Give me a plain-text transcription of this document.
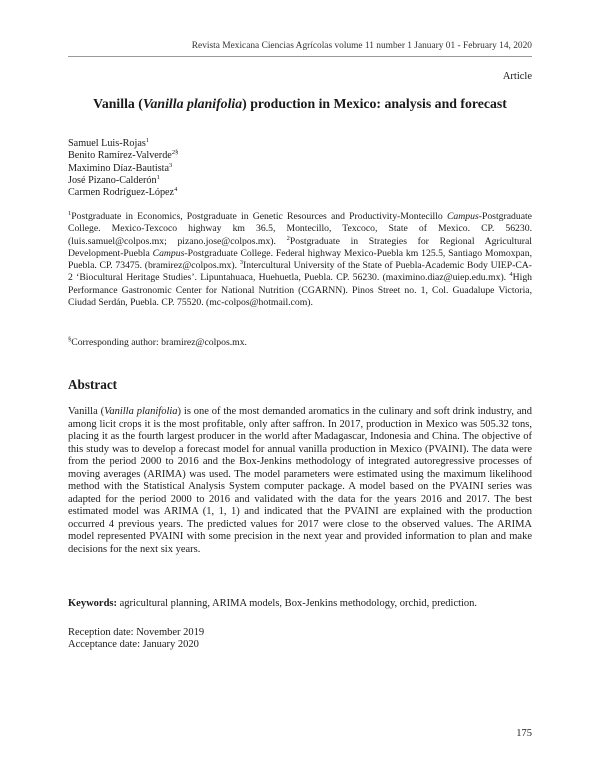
Revista Mexicana Ciencias Agrícolas volume 11 number 1 January 01 - February 14, 2020
Article
Vanilla (Vanilla planifolia) production in Mexico: analysis and forecast
Samuel Luis-Rojas$^1$
Benito Ramírez-Valverde$^{2\S}$
Maximino Díaz-Bautista$^3$
José Pizano-Calderón$^1$
Carmen Rodríguez-López$^4$
$^1$Postgraduate in Economics, Postgraduate in Genetic Resources and Productivity-Montecillo Campus-Postgraduate College. Mexico-Texcoco highway km 36.5, Montecillo, Texcoco, State of Mexico. CP. 56230. (luis.samuel@colpos.mx; pizano.jose@colpos.mx). $^2$Postgraduate in Strategies for Regional Agricultural Development-Puebla Campus-Postgraduate College. Federal highway Mexico-Puebla km 125.5, Santiago Momoxpan, Puebla. CP. 73475. (bramirez@colpos.mx). $^3$Intercultural University of the State of Puebla-Academic Body UIEP-CA-2 ‘Biocultural Heritage Studies’. Lipuntahuaca, Huehuetla, Puebla. CP. 56230. (maximino.diaz@uiep.edu.mx). $^4$High Performance Gastronomic Center for National Nutrition (CGARNN). Pinos Street no. 1, Col. Guadalupe Victoria, Ciudad Serdán, Puebla. CP. 75520. (mc-colpos@hotmail.com).
§Corresponding author: bramirez@colpos.mx.
Abstract
Vanilla (Vanilla planifolia) is one of the most demanded aromatics in the culinary and soft drink industry, and among licit crops it is the most profitable, only after saffron. In 2017, production in Mexico was 505.32 tons, placing it as the fourth largest producer in the world after Madagascar, Indonesia and China. The objective of this study was to develop a forecast model for annual vanilla production in Mexico (PVAINI). The data were from the period 2000 to 2016 and the Box-Jenkins methodology of integrated autoregressive processes of moving averages (ARIMA) was used. The model parameters were estimated using the maximum likelihood method with the Statistical Analysis System computer package. A model based on the PVAINI series was adapted for the period 2000 to 2016 and validated with the data for the years 2016 and 2017. The best estimated model was ARIMA (1, 1, 1) and indicated that the PVAINI are explained with the production occurred 4 previous years. The predicted values for 2017 were close to the observed values. The ARIMA model represented PVAINI with some precision in the next year and provided information to plan and make decisions for the next six years.
Keywords: agricultural planning, ARIMA models, Box-Jenkins methodology, orchid, prediction.
Reception date: November 2019
Acceptance date: January 2020
175
